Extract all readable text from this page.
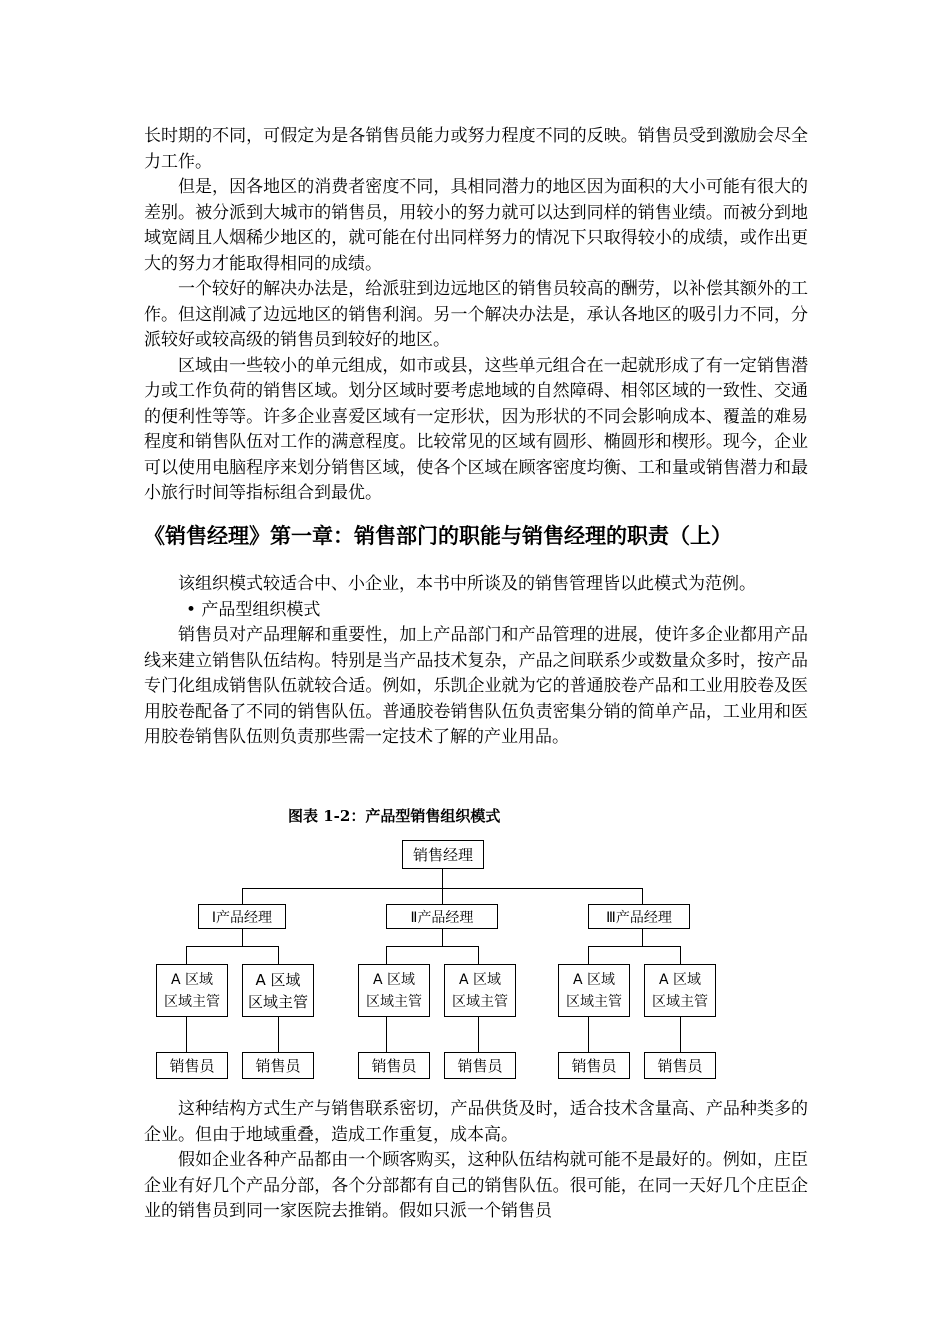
长时期的不同，可假定为是各销售员能力或努力程度不同的反映。销售员受到激励会尽全力工作。

但是，因各地区的消费者密度不同，具相同潜力的地区因为面积的大小可能有很大的差别。被分派到大城市的销售员，用较小的努力就可以达到同样的销售业绩。而被分到地域宽阔且人烟稀少地区的，就可能在付出同样努力的情况下只取得较小的成绩，或作出更大的努力才能取得相同的成绩。

一个较好的解决办法是，给派驻到边远地区的销售员较高的酬劳，以补偿其额外的工作。但这削减了边远地区的销售利润。另一个解决办法是，承认各地区的吸引力不同，分派较好或较高级的销售员到较好的地区。

区域由一些较小的单元组成，如市或县，这些单元组合在一起就形成了有一定销售潜力或工作负荷的销售区域。划分区域时要考虑地域的自然障碍、相邻区域的一致性、交通的便利性等等。许多企业喜爱区域有一定形状，因为形状的不同会影响成本、覆盖的难易程度和销售队伍对工作的满意程度。比较常见的区域有圆形、椭圆形和楔形。现今，企业可以使用电脑程序来划分销售区域，使各个区域在顾客密度均衡、工和量或销售潜力和最小旅行时间等指标组合到最优。

《销售经理》第一章：销售部门的职能与销售经理的职责（上）

该组织模式较适合中、小企业，本书中所谈及的销售管理皆以此模式为范例。

• 产品型组织模式

销售员对产品理解和重要性，加上产品部门和产品管理的进展，使许多企业都用产品线来建立销售队伍结构。特别是当产品技术复杂，产品之间联系少或数量众多时，按产品专门化组成销售队伍就较合适。例如，乐凯企业就为它的普通胶卷产品和工业用胶卷及医用胶卷配备了不同的销售队伍。普通胶卷销售队伍负责密集分销的简单产品，工业用和医用胶卷销售队伍则负责那些需一定技术了解的产业用品。

图表 1-2：产品型销售组织模式
销售经理
Ⅰ产品经理	Ⅱ产品经理	Ⅲ产品经理
A 区域
区域主管
A 区域
区域主管
A 区域
区域主管
A 区域
区域主管
A 区域
区域主管
A 区域
区域主管
销售员	销售员	销售员	销售员	销售员	销售员

这种结构方式生产与销售联系密切，产品供货及时，适合技术含量高、产品种类多的企业。但由于地域重叠，造成工作重复，成本高。

假如企业各种产品都由一个顾客购买，这种队伍结构就可能不是最好的。例如，庄臣企业有好几个产品分部，各个分部都有自己的销售队伍。很可能，在同一天好几个庄臣企业的销售员到同一家医院去推销。假如只派一个销售员
